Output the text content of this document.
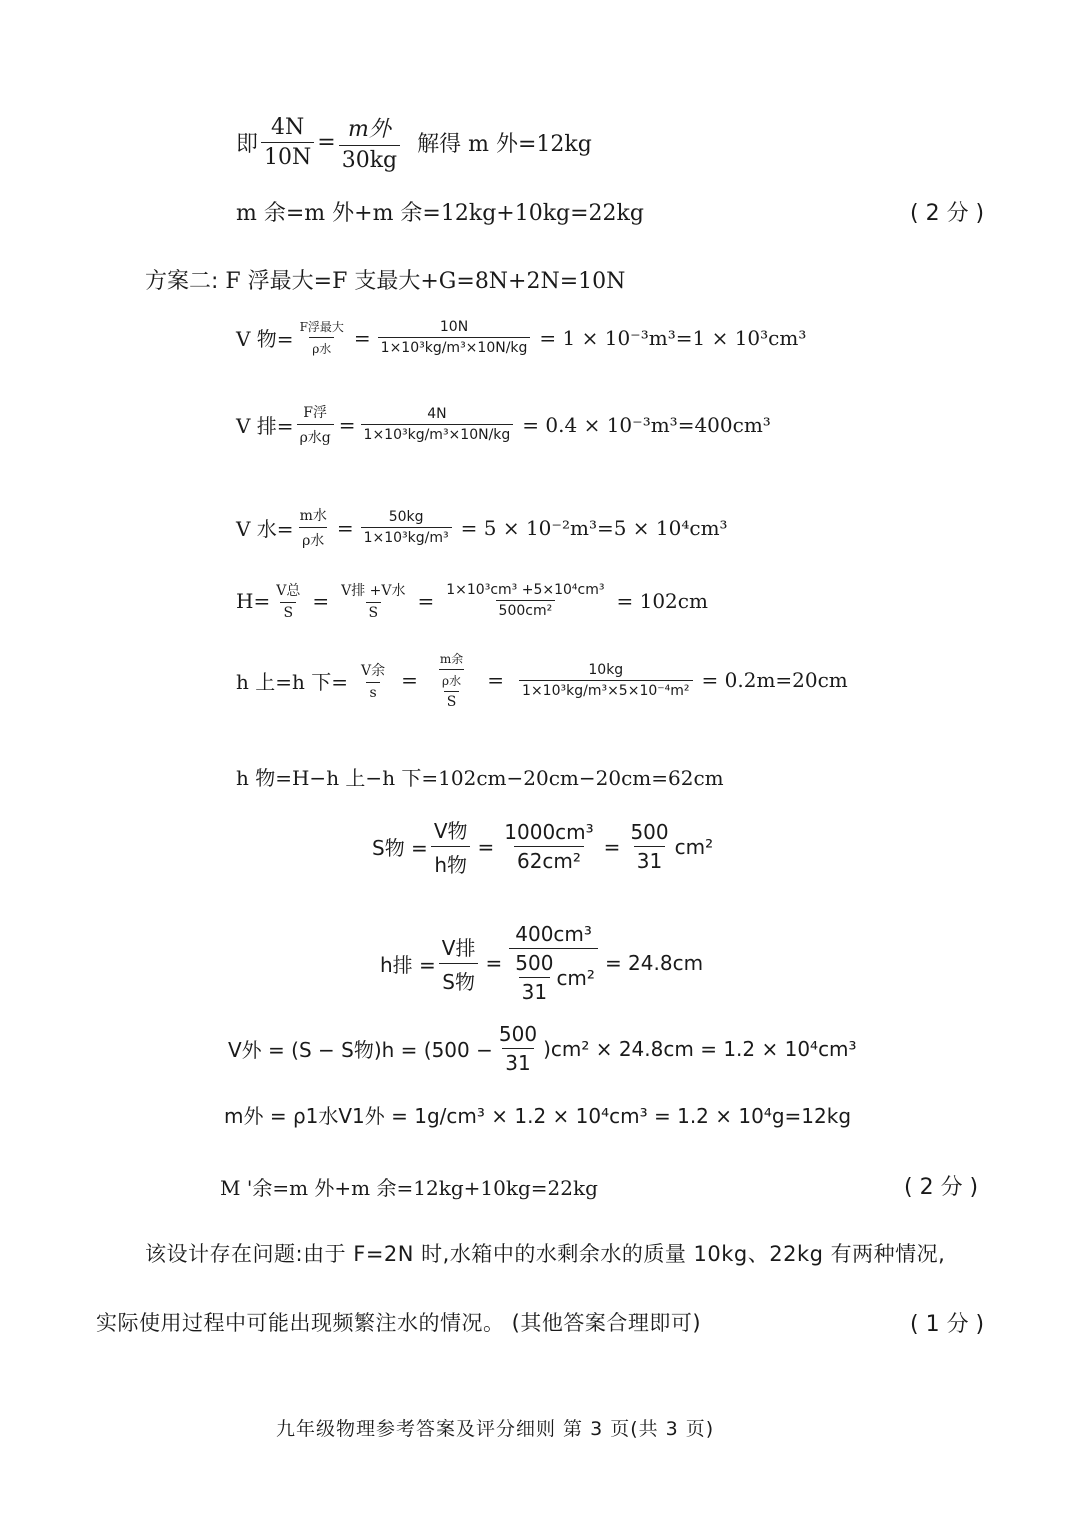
即 $\frac{4N}{10N} = \frac{\text{m外}}{30kg}$ 解得 m 外=12kg
m 余=m 外+m 余=12kg+10kg=22kg	( 2 分 )
方案二: F 浮最大=F 支最大+G=8N+2N=10N
V 物= $\frac{\text{F浮最大}}{\text{ρ水}} = \frac{10N}{\text{1×10³kg/m³×10N/kg}} = 1 \times 10^{-3}m^3=1 \times 10^3cm^3$
V 排= $\frac{\text{F浮}}{\text{ρ水g}} = \frac{4N}{\text{1×10³kg/m³×10N/kg}} = 0.4 \times 10^{-3}m^3=400cm^3$
V 水= $\frac{\text{m水}}{\text{ρ水}} = \frac{50kg}{\text{1×10³kg/m³}} = 5 \times 10^{-2}m^3=5 \times 10^4cm^3$
$H= \frac{\text{V总}}{S} = \frac{\text{V排 +V水}}{S} = \frac{\text{1×10³cm³ +5×10⁴cm³}}{\text{500cm²}} = 102cm$
h 上=h 下= $\frac{\text{V余}}{s} = \frac{\frac{\text{m余}}{\text{ρ水}}}{S} = \frac{10kg}{\text{1×10³kg/m³×5×10⁻⁴m²}} = 0.2m=20cm$
h 物=H−h 上−h 下=102cm−20cm−20cm=62cm
S物 = $\frac{\text{V物}}{\text{h物}} = \frac{\text{1000cm³}}{\text{62cm²}} = \frac{500}{31} cm^2$
h排 = $\frac{\text{V排}}{\text{S物}} = \frac{\text{400cm³}}{\frac{500}{31} cm^2} = 24.8cm$
V外 = (S − S物)$h = (500 - \frac{500}{31} )cm^2 \times 24.8cm = 1.2 \times 10^4cm^3$
m外 = ρ1水V1外 = 1g/cm³ × 1.2 × 10⁴cm³ = 1.2 × 10⁴g=12kg
M '余=m 外+m 余=12kg+10kg=22kg	( 2 分 )
该设计存在问题:由于 F=2N 时,水箱中的水剩余水的质量 10kg、22kg 有两种情况,
实际使用过程中可能出现频繁注水的情况。 (其他答案合理即可)	( 1 分 )
九年级物理参考答案及评分细则 第 3 页(共 3 页)
